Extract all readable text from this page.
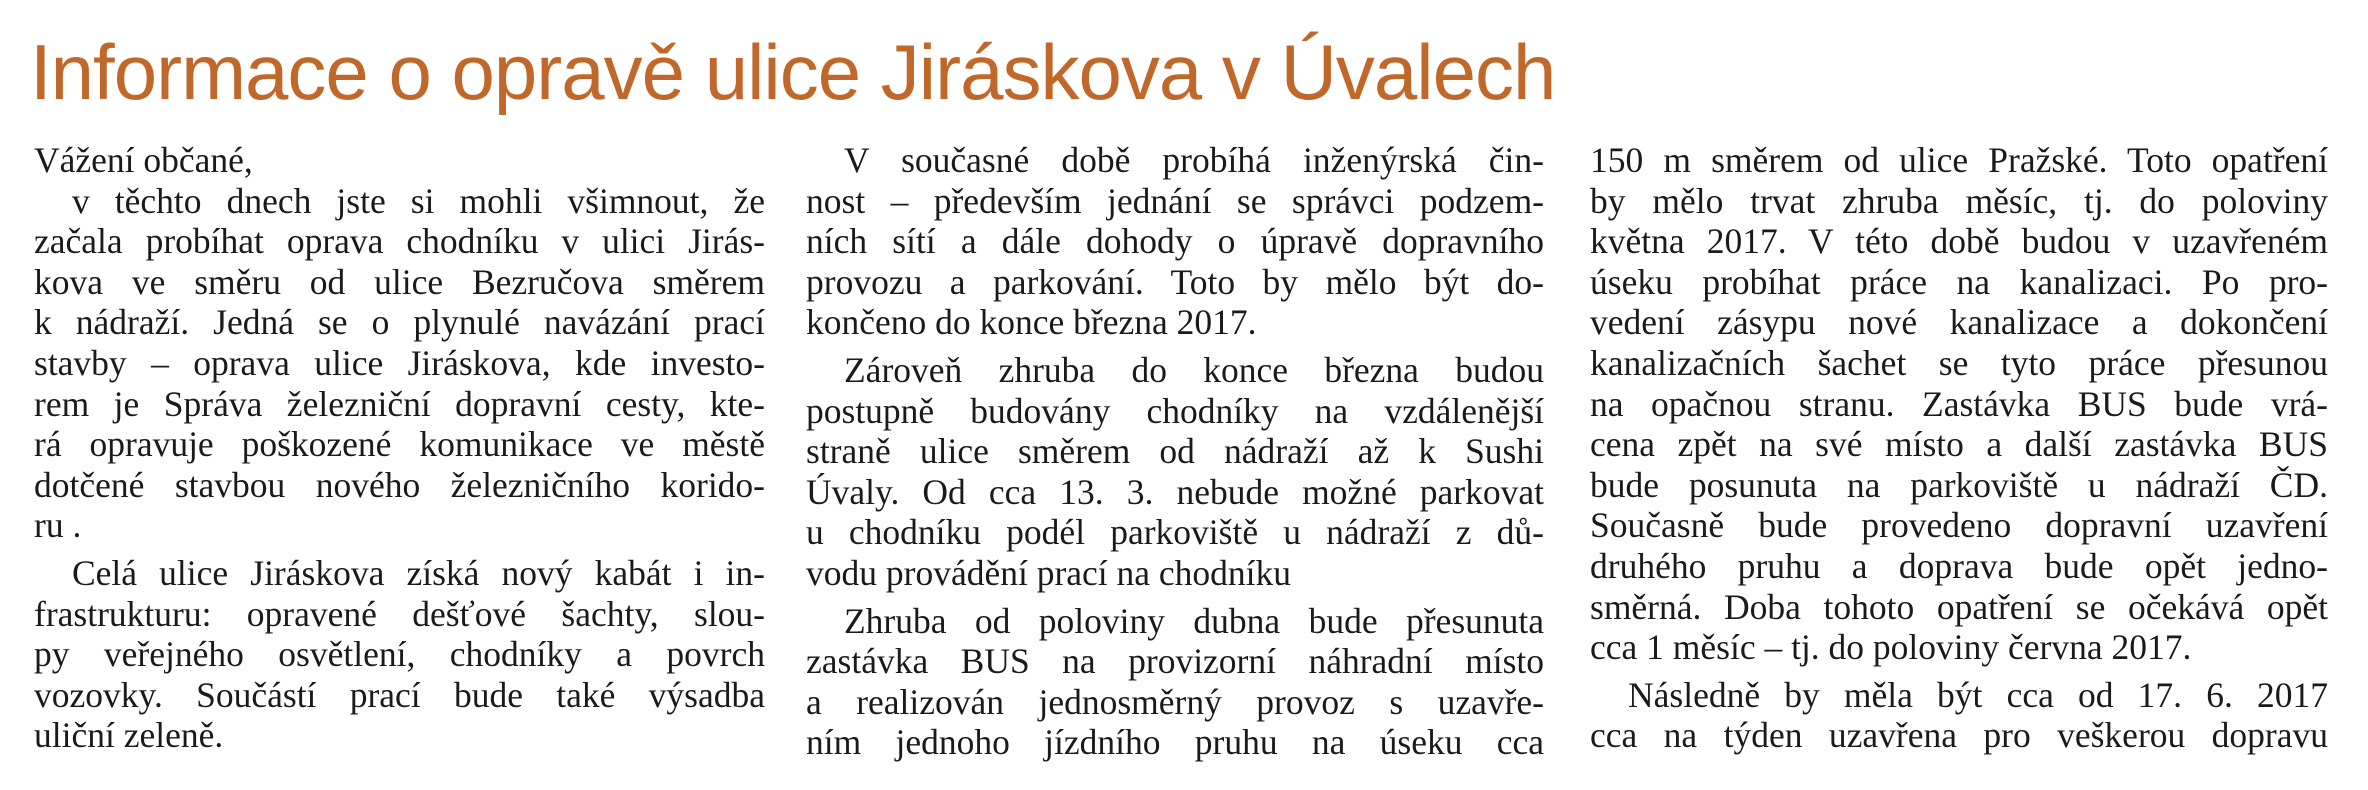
Informace o opravě ulice Jiráskova v Úvalech
Vážení občané,
v těchto dnech jste si mohli všimnout, že
začala probíhat oprava chodníku v ulici Jirás-
kova ve směru od ulice Bezručova směrem
k nádraží. Jedná se o plynulé navázání prací
stavby – oprava ulice Jiráskova, kde investo-
rem je Správa železniční dopravní cesty, kte-
rá opravuje poškozené komunikace ve městě
dotčené stavbou nového železničního korido-
ru .
Celá ulice Jiráskova získá nový kabát i in-
frastrukturu: opravené dešťové šachty, slou-
py veřejného osvětlení, chodníky a povrch
vozovky. Součástí prací bude také výsadba
uliční zeleně.
V současné době probíhá inženýrská čin-
nost – především jednání se správci podzem-
ních sítí a dále dohody o úpravě dopravního
provozu a parkování. Toto by mělo být do-
končeno do konce března 2017.
Zároveň zhruba do konce března budou
postupně budovány chodníky na vzdálenější
straně ulice směrem od nádraží až k Sushi
Úvaly. Od cca 13. 3. nebude možné parkovat
u chodníku podél parkoviště u nádraží z dů-
vodu provádění prací na chodníku
Zhruba od poloviny dubna bude přesunuta
zastávka BUS na provizorní náhradní místo
a realizován jednosměrný provoz s uzavře-
ním jednoho jízdního pruhu na úseku cca
150 m směrem od ulice Pražské. Toto opatření
by mělo trvat zhruba měsíc, tj. do poloviny
května 2017. V této době budou v uzavřeném
úseku probíhat práce na kanalizaci. Po pro-
vedení zásypu nové kanalizace a dokončení
kanalizačních šachet se tyto práce přesunou
na opačnou stranu. Zastávka BUS bude vrá-
cena zpět na své místo a další zastávka BUS
bude posunuta na parkoviště u nádraží ČD.
Současně bude provedeno dopravní uzavření
druhého pruhu a doprava bude opět jedno-
směrná. Doba tohoto opatření se očekává opět
cca 1 měsíc – tj. do poloviny června 2017.
Následně by měla být cca od 17. 6. 2017
cca na týden uzavřena pro veškerou dopravu
